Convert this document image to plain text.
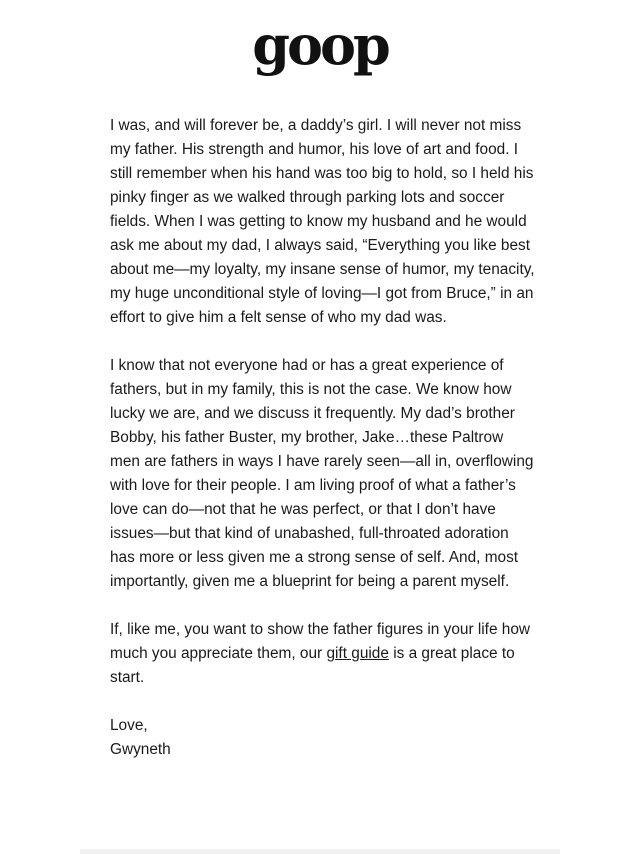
goop

I was, and will forever be, a daddy’s girl. I will never not miss my father. His strength and humor, his love of art and food. I still remember when his hand was too big to hold, so I held his pinky finger as we walked through parking lots and soccer fields. When I was getting to know my husband and he would ask me about my dad, I always said, “Everything you like best about me—my loyalty, my insane sense of humor, my tenacity, my huge unconditional style of loving—I got from Bruce,” in an effort to give him a felt sense of who my dad was.

I know that not everyone had or has a great experience of fathers, but in my family, this is not the case. We know how lucky we are, and we discuss it frequently. My dad’s brother Bobby, his father Buster, my brother, Jake…these Paltrow men are fathers in ways I have rarely seen—all in, overflowing with love for their people. I am living proof of what a father’s love can do—not that he was perfect, or that I don’t have issues—but that kind of unabashed, full-throated adoration has more or less given me a strong sense of self. And, most importantly, given me a blueprint for being a parent myself.

If, like me, you want to show the father figures in your life how much you appreciate them, our gift guide is a great place to start.

Love,
Gwyneth
